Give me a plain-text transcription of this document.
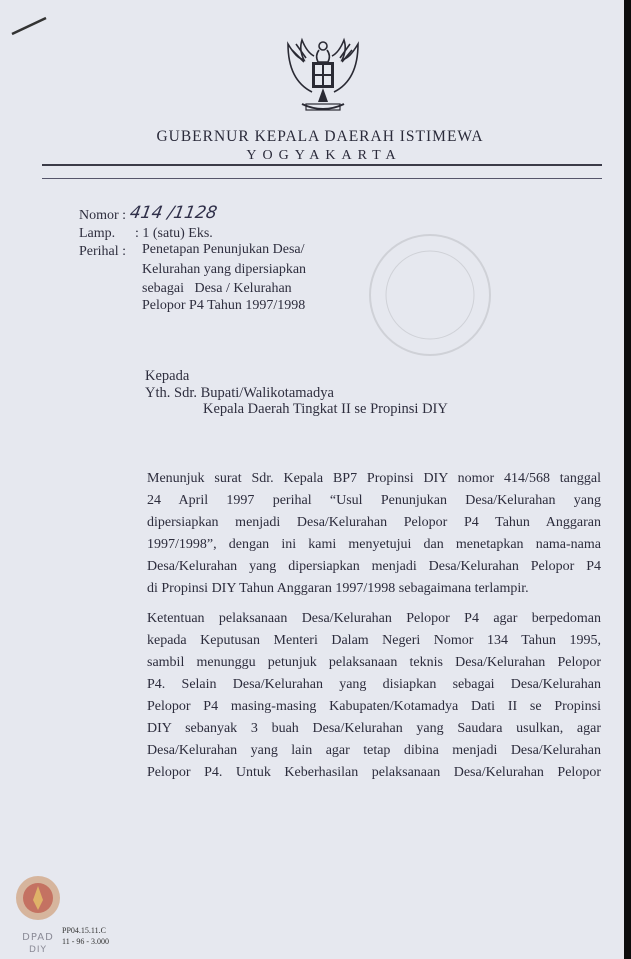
GUBERNUR KEPALA DAERAH ISTIMEWA
YOGYAKARTA
Nomor : 414 /1128
Lamp. : 1 (satu) Eks.
Perihal : Penetapan Penunjukan Desa/
Kelurahan yang dipersiapkan
sebagai   Desa / Kelurahan
Pelopor P4 Tahun 1997/1998
Kepada
Yth. Sdr. Bupati/Walikotamadya
Kepala Daerah Tingkat II se Propinsi DIY
Menunjuk surat Sdr. Kepala BP7 Propinsi DIY nomor 414/568 tanggal
24 April 1997 perihal “Usul Penunjukan Desa/Kelurahan yang
dipersiapkan menjadi Desa/Kelurahan Pelopor P4 Tahun Anggaran
1997/1998”, dengan ini kami menyetujui dan menetapkan nama-nama
Desa/Kelurahan yang dipersiapkan menjadi Desa/Kelurahan Pelopor P4
di Propinsi DIY Tahun Anggaran 1997/1998 sebagaimana terlampir.
Ketentuan pelaksanaan Desa/Kelurahan Pelopor P4 agar berpedoman
kepada Keputusan Menteri Dalam Negeri Nomor 134 Tahun 1995,
sambil menunggu petunjuk pelaksanaan teknis Desa/Kelurahan Pelopor
P4. Selain Desa/Kelurahan yang disiapkan sebagai Desa/Kelurahan
Pelopor P4 masing-masing Kabupaten/Kotamadya Dati II se Propinsi
DIY sebanyak 3 buah Desa/Kelurahan yang Saudara usulkan, agar
Desa/Kelurahan yang lain agar tetap dibina menjadi Desa/Kelurahan
Pelopor P4. Untuk Keberhasilan pelaksanaan Desa/Kelurahan Pelopor
DPAD
DIY
PP04.15.11.C
11 - 96 - 3.000
